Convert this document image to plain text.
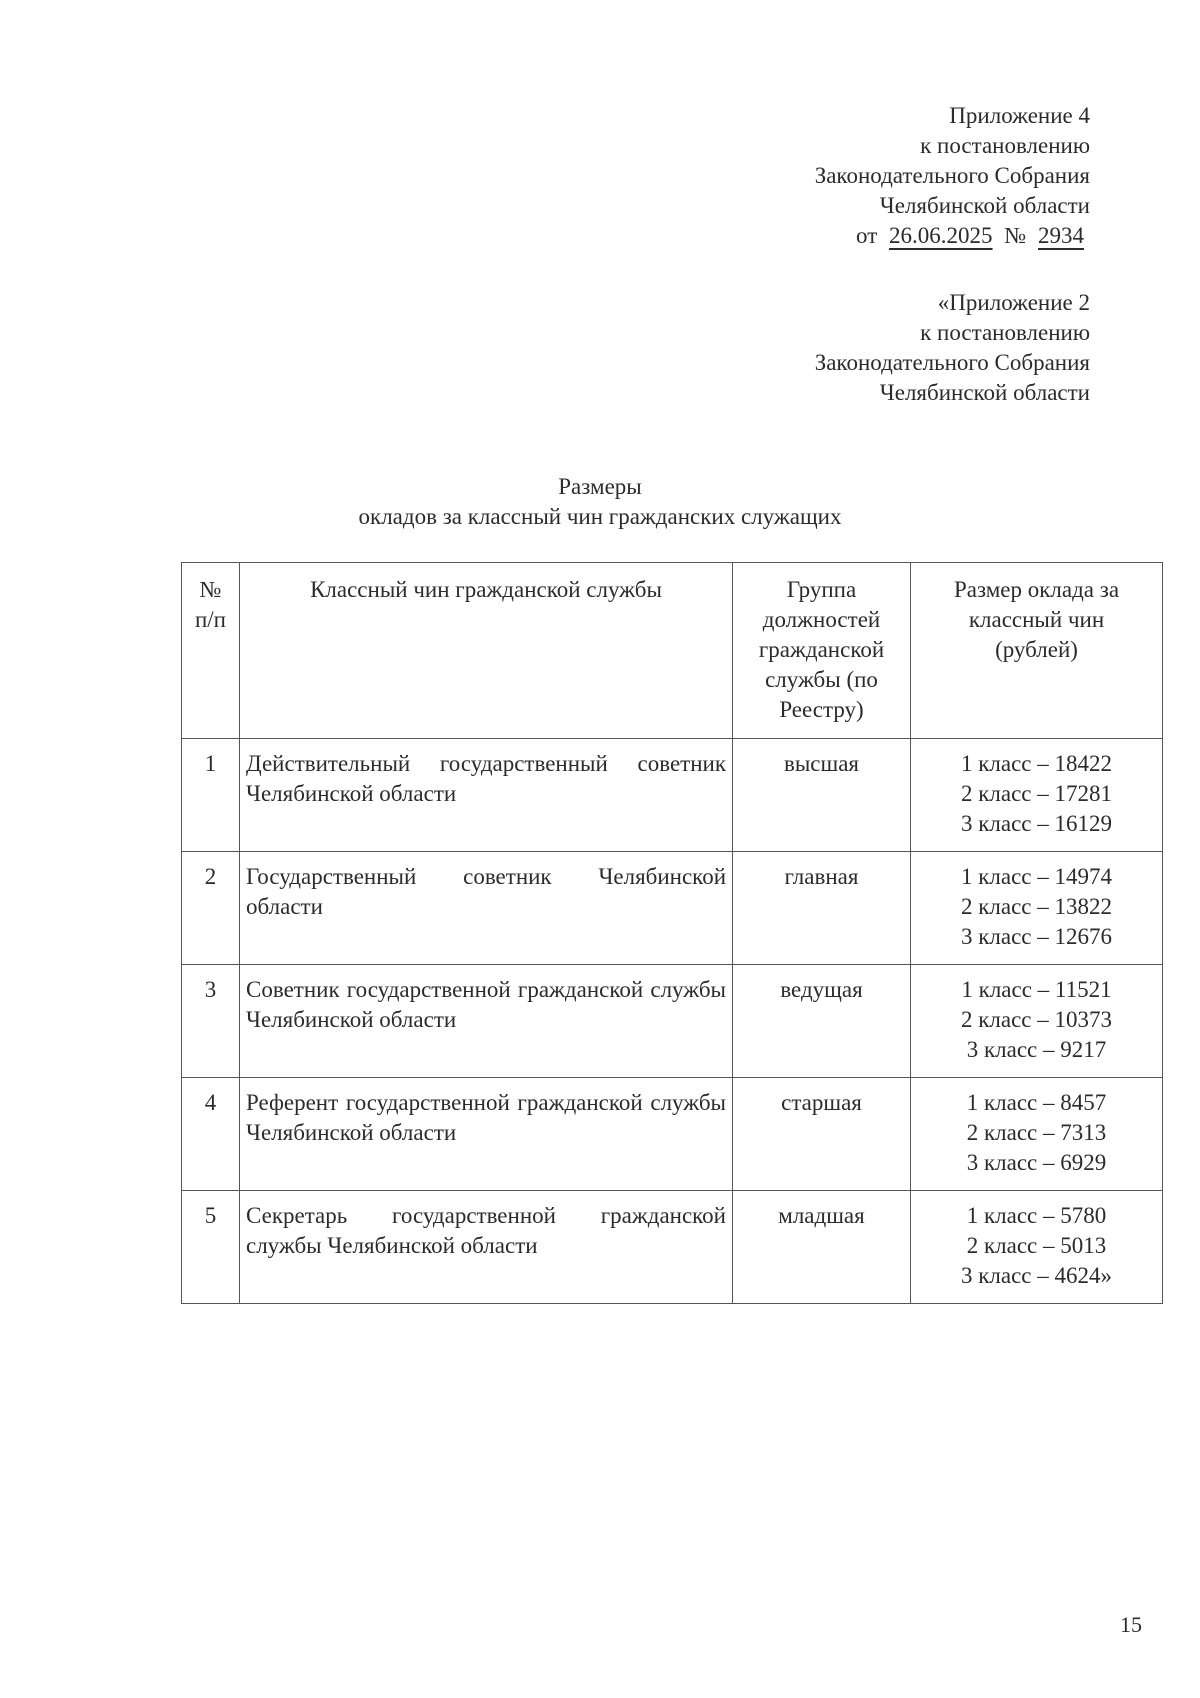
Приложение 4
к постановлению
Законодательного Собрания
Челябинской области
от 26.06.2025 № 2934
«Приложение 2
к постановлению
Законодательного Собрания
Челябинской области
Размеры
окладов за классный чин гражданских служащих
№ п/п	Классный чин гражданской службы	Группа должностей гражданской службы (по Реестру)	Размер оклада за классный чин (рублей)

1	Действительный государственный советник Челябинской области	высшая	1 класс – 18422
2 класс – 17281
3 класс – 16129

2	Государственный советник Челябинской области	главная	1 класс – 14974
2 класс – 13822
3 класс – 12676

3	Советник государственной гражданской службы Челябинской области	ведущая	1 класс – 11521
2 класс – 10373
3 класс – 9217

4	Референт государственной гражданской службы Челябинской области	старшая	1 класс – 8457
2 класс – 7313
3 класс – 6929

5	Секретарь государственной гражданской службы Челябинской области	младшая	1 класс – 5780
2 класс – 5013
3 класс – 4624»
15
